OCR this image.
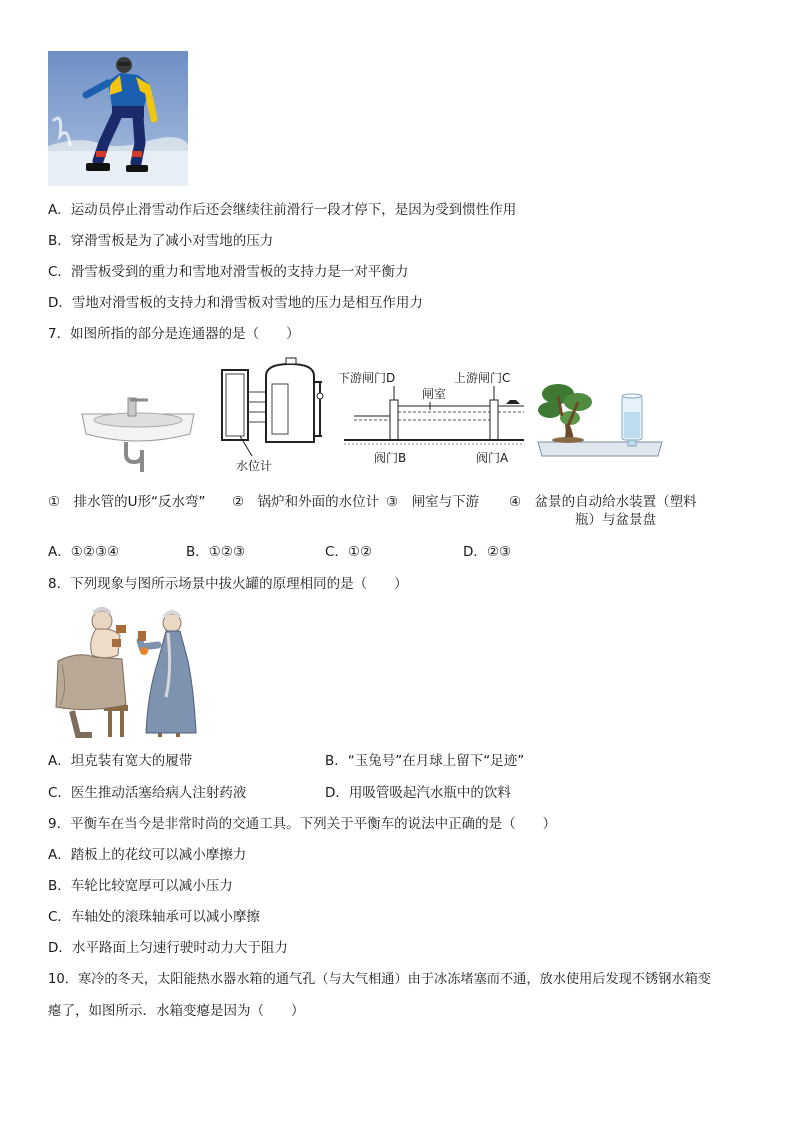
A．运动员停止滑雪动作后还会继续往前滑行一段才停下，是因为受到惯性作用
B．穿滑雪板是为了减小对雪地的压力
C．滑雪板受到的重力和雪地对滑雪板的支持力是一对平衡力
D．雪地对滑雪板的支持力和滑雪板对雪地的压力是相互作用力
7．如图所指的部分是连通器的是（　　）
水位计
下游闸门D	上游闸门C
闸室
阀门B	阀门A
①　排水管的U形“反水弯” ②　锅炉和外面的水位计 ③　闸室与下游 ④　盆景的自动给水装置（塑料
瓶）与盆景盘
A．①②③④	B．①②③	C．①②	D．②③
8．下列现象与图所示场景中拔火罐的原理相同的是（　　）
A．坦克装有宽大的履带	B．“玉兔号”在月球上留下“足迹”
C．医生推动活塞给病人注射药液	D．用吸管吸起汽水瓶中的饮料
9．平衡车在当今是非常时尚的交通工具。下列关于平衡车的说法中正确的是（　　）
A．踏板上的花纹可以减小摩擦力
B．车轮比较宽厚可以减小压力
C．车轴处的滚珠轴承可以减小摩擦
D．水平路面上匀速行驶时动力大于阻力
10．寒冷的冬天，太阳能热水器水箱的通气孔（与大气相通）由于冰冻堵塞而不通，放水使用后发现不锈钢水箱变
瘪了，如图所示．水箱变瘪是因为（　　）
